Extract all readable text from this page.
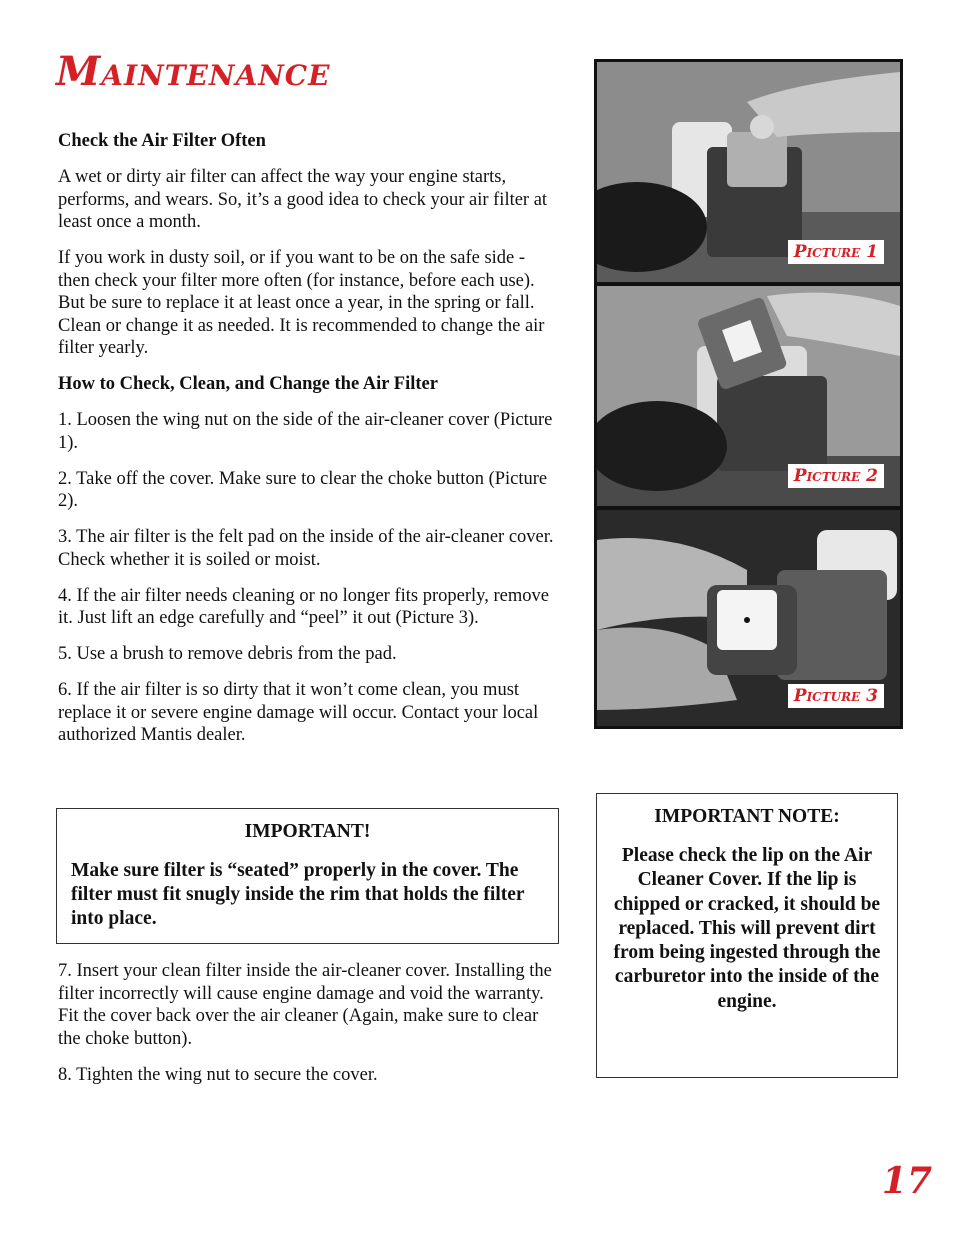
Maintenance
Check the Air Filter Often

A wet or dirty air filter can affect the way your engine starts, performs, and wears. So, it’s a good idea to check your air filter at least once a month.

If you work in dusty soil, or if you want to be on the safe side - then check your filter more often (for instance, before each use). But be sure to replace it at least once a year, in the spring or fall. Clean or change it as needed. It is recommended to change the air filter yearly.

How to Check, Clean, and Change the Air Filter

1. Loosen the wing nut on the side of the air-cleaner cover (Picture 1).

2. Take off the cover. Make sure to clear the choke button (Picture 2).

3. The air filter is the felt pad on the inside of the air-cleaner cover. Check whether it is soiled or moist.

4. If the air filter needs cleaning or no longer fits properly, remove it. Just lift an edge carefully and “peel” it out (Picture 3).

5. Use a brush to remove debris from the pad.

6. If the air filter is so dirty that it won’t come clean, you must replace it or severe engine damage will occur. Contact your local authorized Mantis dealer.

IMPORTANT!

Make sure filter is “seated” properly in the cover. The filter must fit snugly inside the rim that holds the filter into place.

7. Insert your clean filter inside the air-cleaner cover. Installing the filter incorrectly will cause engine damage and void the warranty. Fit the cover back over the air cleaner (Again, make sure to clear the choke button).

8. Tighten the wing nut to secure the cover.

Picture 1
Picture 2
Picture 3

IMPORTANT NOTE:

Please check the lip on the Air Cleaner Cover. If the lip is chipped or cracked, it should be replaced. This will prevent dirt from being ingested through the carburetor into the inside of the engine.

17
